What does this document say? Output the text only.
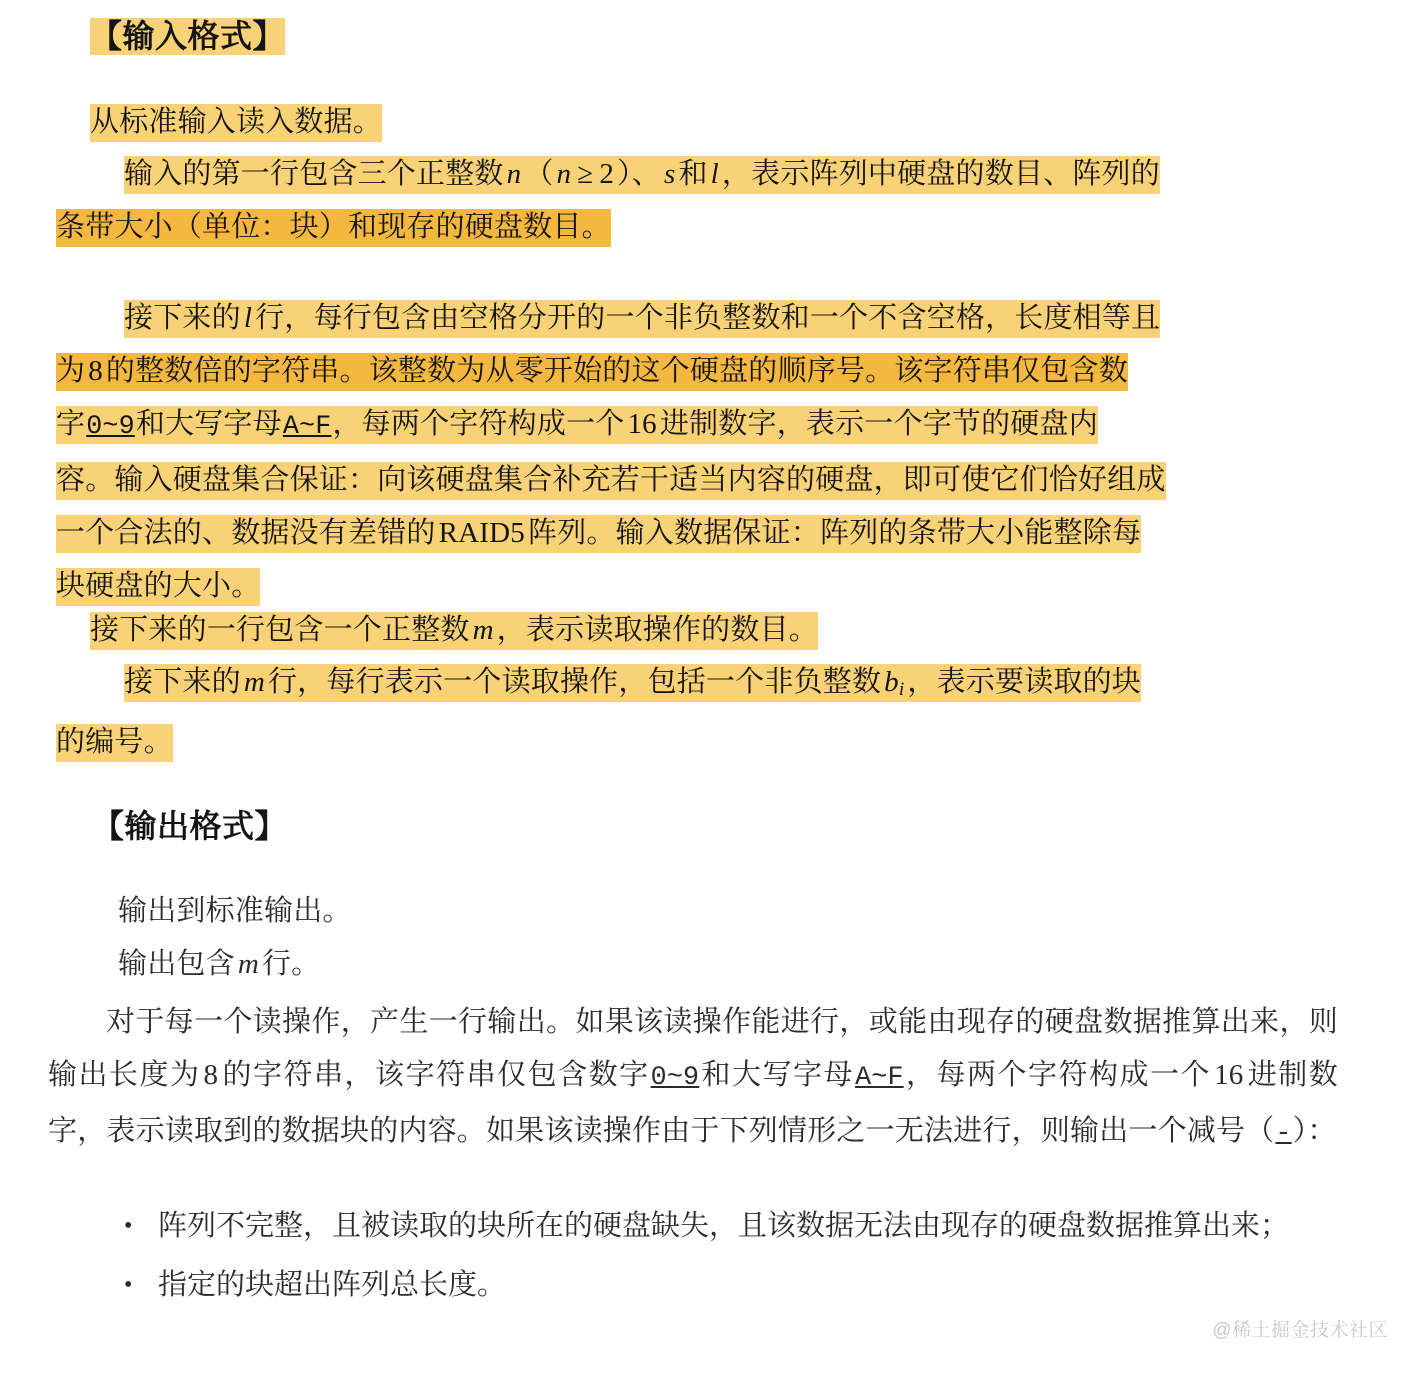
【输入格式】
从标准输入读入数据。
输入的第一行包含三个正整数 n （ n ≥ 2 ）、 s 和 l ，表示阵列中硬盘的数目、阵列的
条带大小（单位：块）和现存的硬盘数目。
接下来的 l 行，每行包含由空格分开的一个非负整数和一个不含空格，长度相等且
为 8 的整数倍的字符串。该整数为从零开始的这个硬盘的顺序号。该字符串仅包含数
字0~9和大写字母A~F，每两个字符构成一个 16 进制数字，表示一个字节的硬盘内
容。输入硬盘集合保证：向该硬盘集合补充若干适当内容的硬盘，即可使它们恰好组成
一个合法的、数据没有差错的 RAID5 阵列。输入数据保证：阵列的条带大小能整除每
块硬盘的大小。
接下来的一行包含一个正整数 m ，表示读取操作的数目。
接下来的 m 行，每行表示一个读取操作，包括一个非负整数 $b_i$ ，表示要读取的块
的编号。
【输出格式】
输出到标准输出。
输出包含 m 行。
对于每一个读操作，产生一行输出。如果该读操作能进行，或能由现存的硬盘数据推算出来，则输出长度为 8 的字符串，该字符串仅包含数字0~9和大写字母A~F，每两个字符构成一个 16 进制数字，表示读取到的数据块的内容。如果该读操作由于下列情形之一无法进行，则输出一个减号（-）：
• 阵列不完整，且被读取的块所在的硬盘缺失，且该数据无法由现存的硬盘数据推算出来；
• 指定的块超出阵列总长度。
@稀土掘金技术社区
